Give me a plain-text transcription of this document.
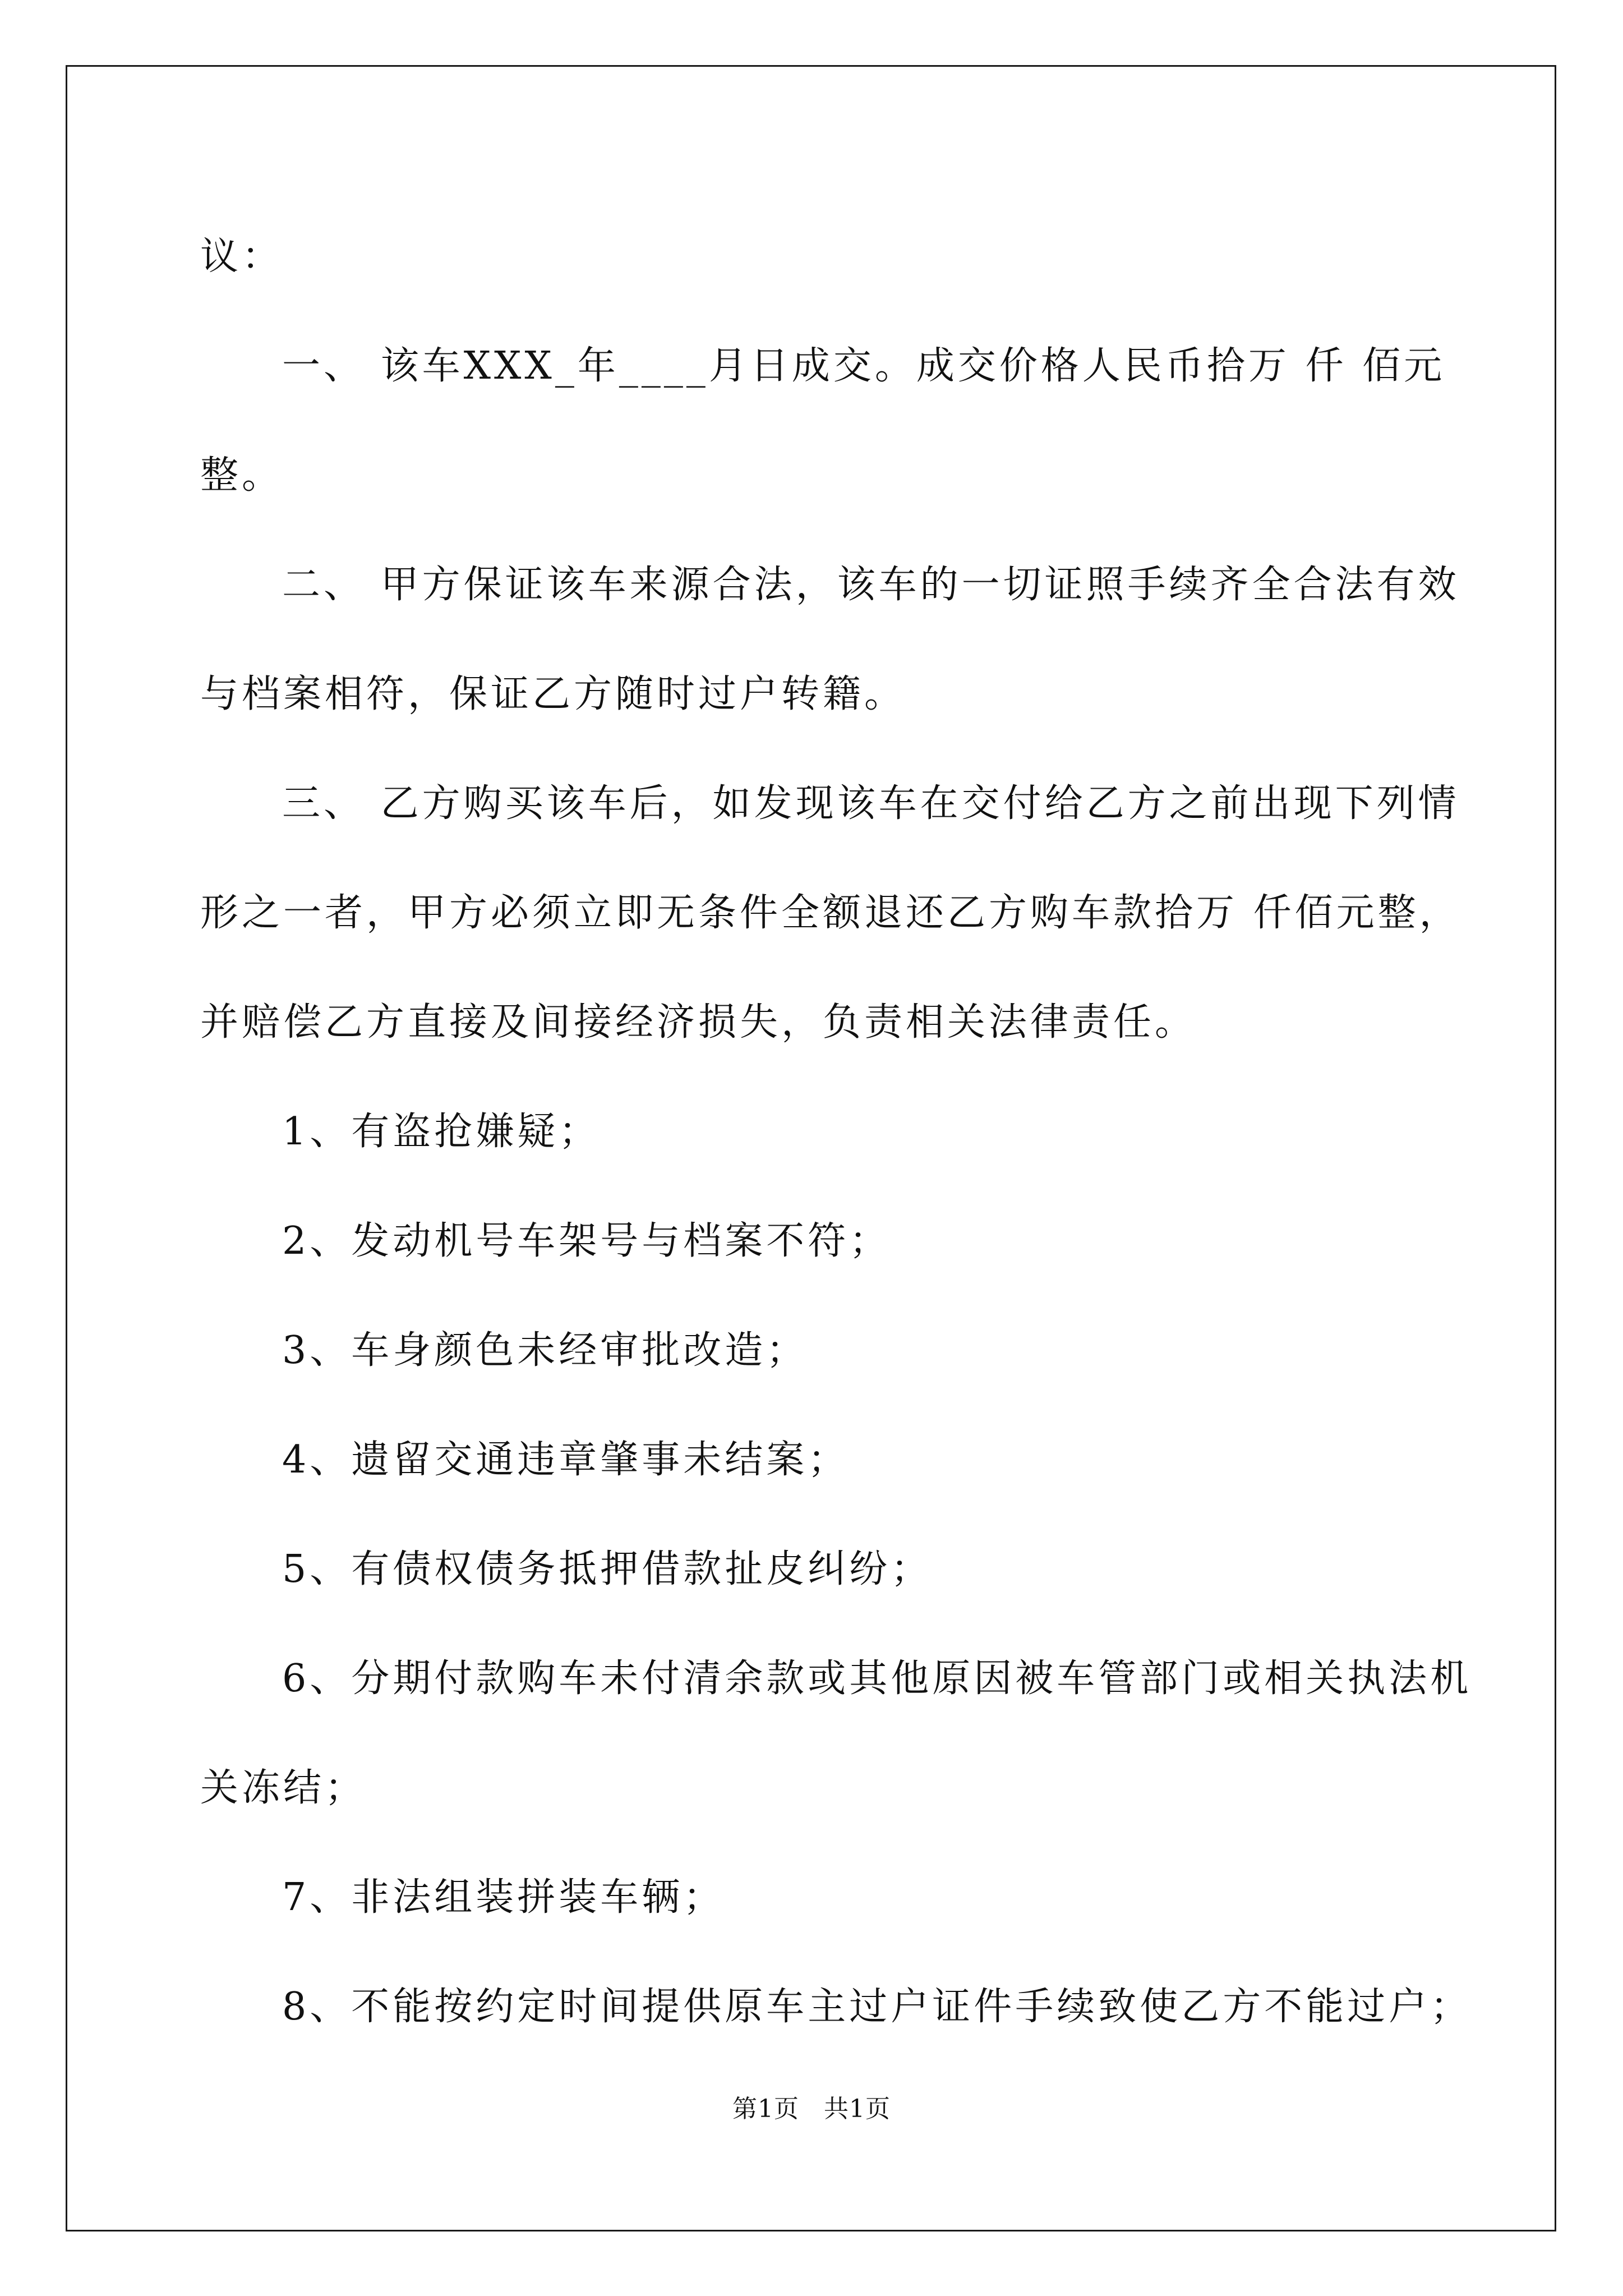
议：
一、 该车XXX_年____月日成交。成交价格人民币拾万 仟 佰元
整。
二、 甲方保证该车来源合法，该车的一切证照手续齐全合法有效
与档案相符，保证乙方随时过户转籍。
三、 乙方购买该车后，如发现该车在交付给乙方之前出现下列情
形之一者，甲方必须立即无条件全额退还乙方购车款拾万 仟佰元整，
并赔偿乙方直接及间接经济损失，负责相关法律责任。
1、有盗抢嫌疑；
2、发动机号车架号与档案不符；
3、车身颜色未经审批改造；
4、遗留交通违章肇事未结案；
5、有债权债务抵押借款扯皮纠纷；
6、分期付款购车未付清余款或其他原因被车管部门或相关执法机
关冻结；
7、非法组装拼装车辆；
8、不能按约定时间提供原车主过户证件手续致使乙方不能过户；
第1页 共1页
